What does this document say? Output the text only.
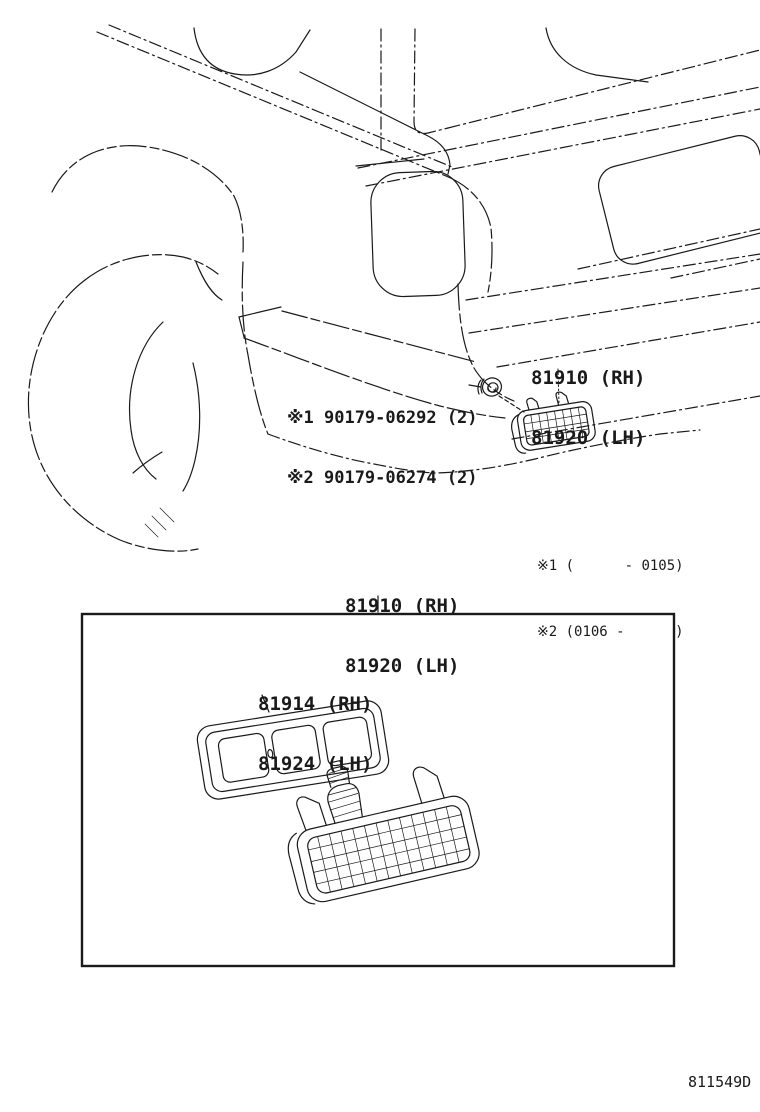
81910 (RH)

81920 (LH)

※1 90179-06292 (2)

※2 90179-06274 (2)

※1 (      - 0105)

※2 (0106 -      )

81910 (RH)

81920 (LH)

81914 (RH)

81924 (LH)

811549D
